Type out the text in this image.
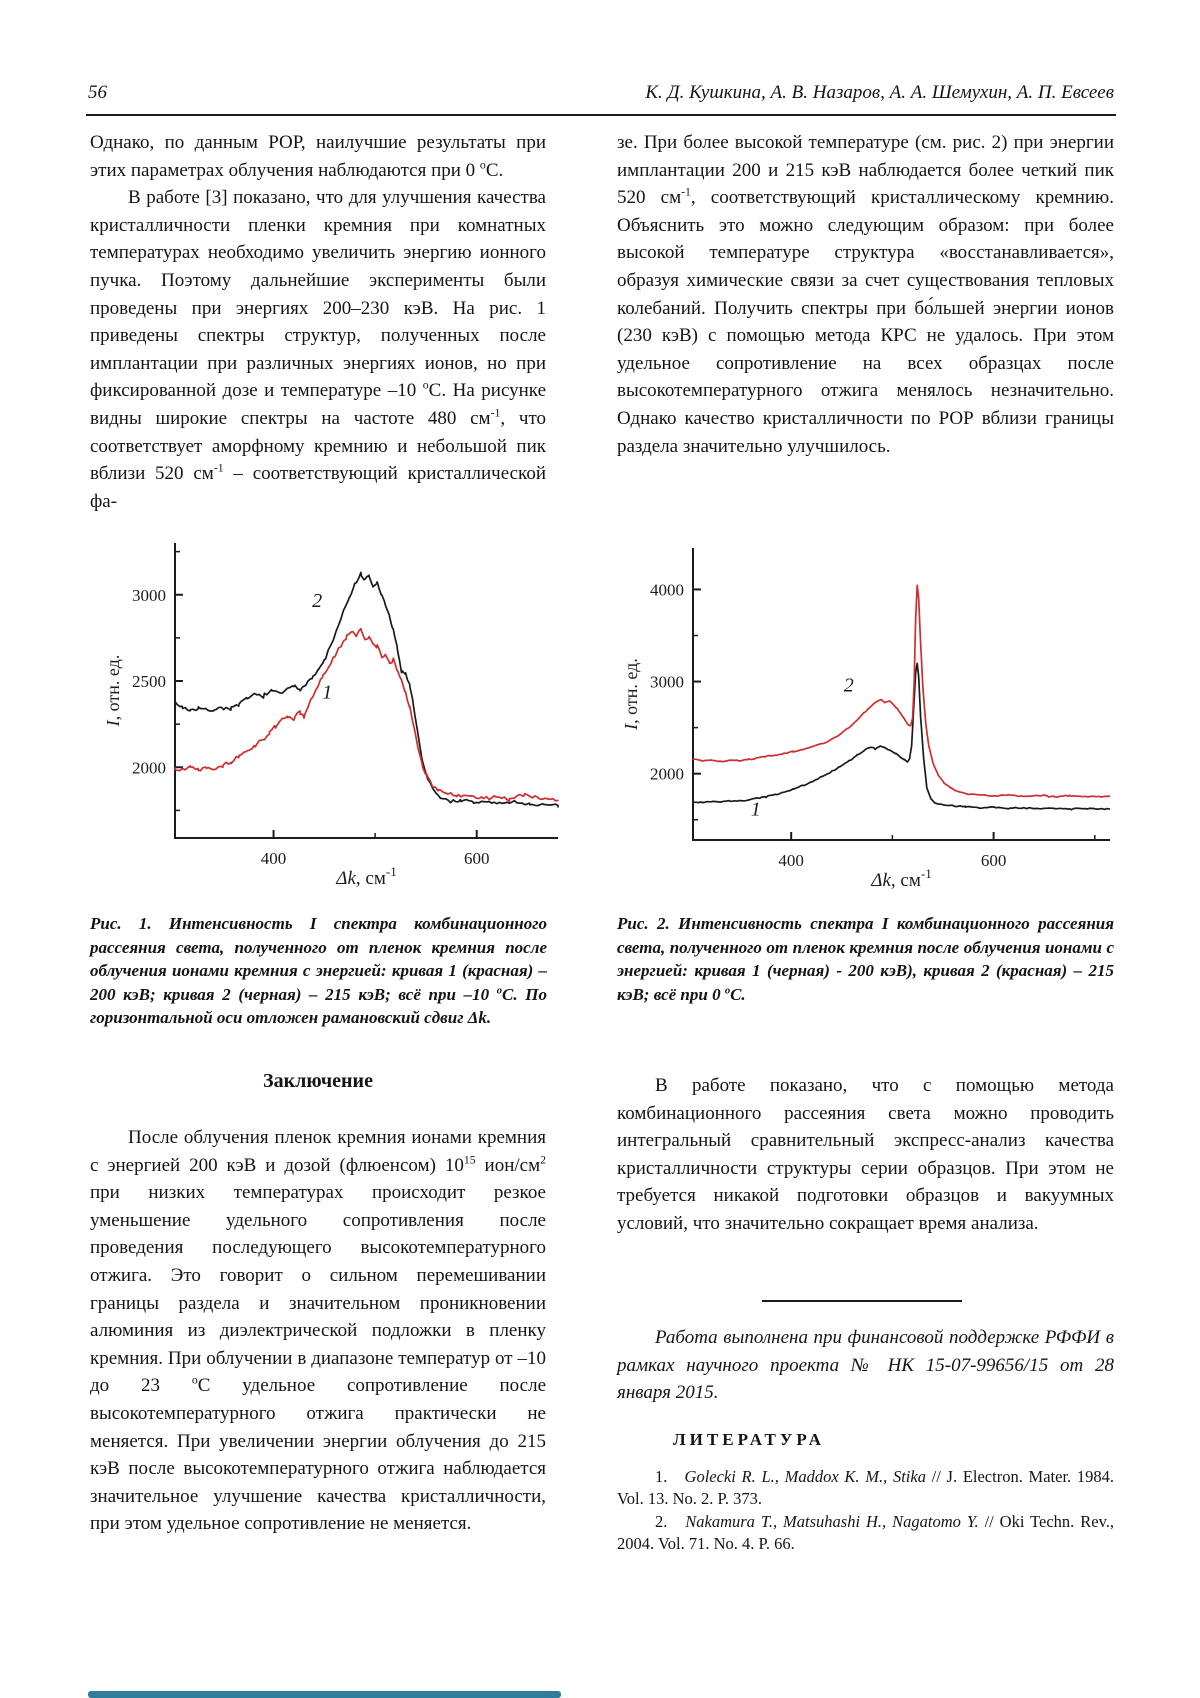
56	К. Д. Кушкина, А. В. Назаров, А. А. Шемухин, А. П. Евсеев

Однако, по данным РОР, наилучшие результаты при этих параметрах облучения наблюдаются при 0 $^о$С.

В работе [3] показано, что для улучшения качества кристалличности пленки кремния при комнатных температурах необходимо увеличить энергию ионного пучка. Поэтому дальнейшие эксперименты были проведены при энергиях 200–230 кэВ. На рис. 1 приведены спектры структур, полученных после имплантации при различных энергиях ионов, но при фиксированной дозе и температуре –10 $^о$С. На рисунке видны широкие спектры на частоте 480 $см^{-1}$, что соответствует аморфному кремнию и небольшой пик вблизи 520 $см^{-1}$ – соответствующий кристаллической фа-

зе. При более высокой температуре (см. рис. 2) при энергии имплантации 200 и 215 кэВ наблюдается более четкий пик 520 $см^{-1}$, соответствующий кристаллическому кремнию. Объяснить это можно следующим образом: при более высокой температуре структура «восстанавливается», образуя химические связи за счет существования тепловых колебаний. Получить спектры при бо́льшей энергии ионов (230 кэВ) с помощью метода КРС не удалось. При этом удельное сопротивление на всех образцах после высокотемпературного отжига менялось незначительно. Однако качество кристалличности по РОР вблизи границы раздела значительно улучшилось.

2000
2500
3000
400	600
2
1
I, отн. ед.
Δk, $см^{-1}$
2000
3000
4000
400	600
2
1
I, отн. ед.
Δk, $см^{-1}$
Рис. 1. Интенсивность I спектра комбинационного рассеяния света, полученного от пленок кремния после облучения ионами кремния с энергией: кривая 1 (красная) – 200 кэВ; кривая 2 (черная) – 215 кэВ; всё при –10 $^о$С. По горизонтальной оси отложен рамановский сдвиг Δk.
Рис. 2. Интенсивность спектра I комбинационного рассеяния света, полученного от пленок кремния после облучения ионами с энергией: кривая 1 (черная) - 200 кэВ), кривая 2 (красная) – 215 кэВ; всё при 0 $^о$С.
Заключение

После облучения пленок кремния ионами кремния с энергией 200 кэВ и дозой (флюенсом) $10^{15}$ ион/$см^2$ при низких температурах происходит резкое уменьшение удельного сопротивления после проведения последующего высокотемпературного отжига. Это говорит о сильном перемешивании границы раздела и значительном проникновении алюминия из диэлектрической подложки в пленку кремния. При облучении в диапазоне температур от –10 до 23 $^о$С удельное сопротивление после высокотемпературного отжига практически не меняется. При увеличении энергии облучения до 215 кэВ после высокотемпературного отжига наблюдается значительное улучшение качества кристалличности, при этом удельное сопротивление не меняется.

В работе показано, что с помощью метода комбинационного рассеяния света можно проводить интегральный сравнительный экспресс-анализ качества кристалличности структуры серии образцов. При этом не требуется никакой подготовки образцов и вакуумных условий, что значительно сокращает время анализа.

Работа выполнена при финансовой поддержке РФФИ в рамках научного проекта № НК 15-07-99656/15 от 28 января 2015.

ЛИТЕРАТУРА

1.   Golecki R. L., Maddox K. M., Stika // J. Electron. Mater. 1984. Vol. 13. No. 2. P. 373.

2.   Nakamura T., Matsuhashi H., Nagatomo Y. // Oki Techn. Rev., 2004. Vol. 71. No. 4. P. 66.
